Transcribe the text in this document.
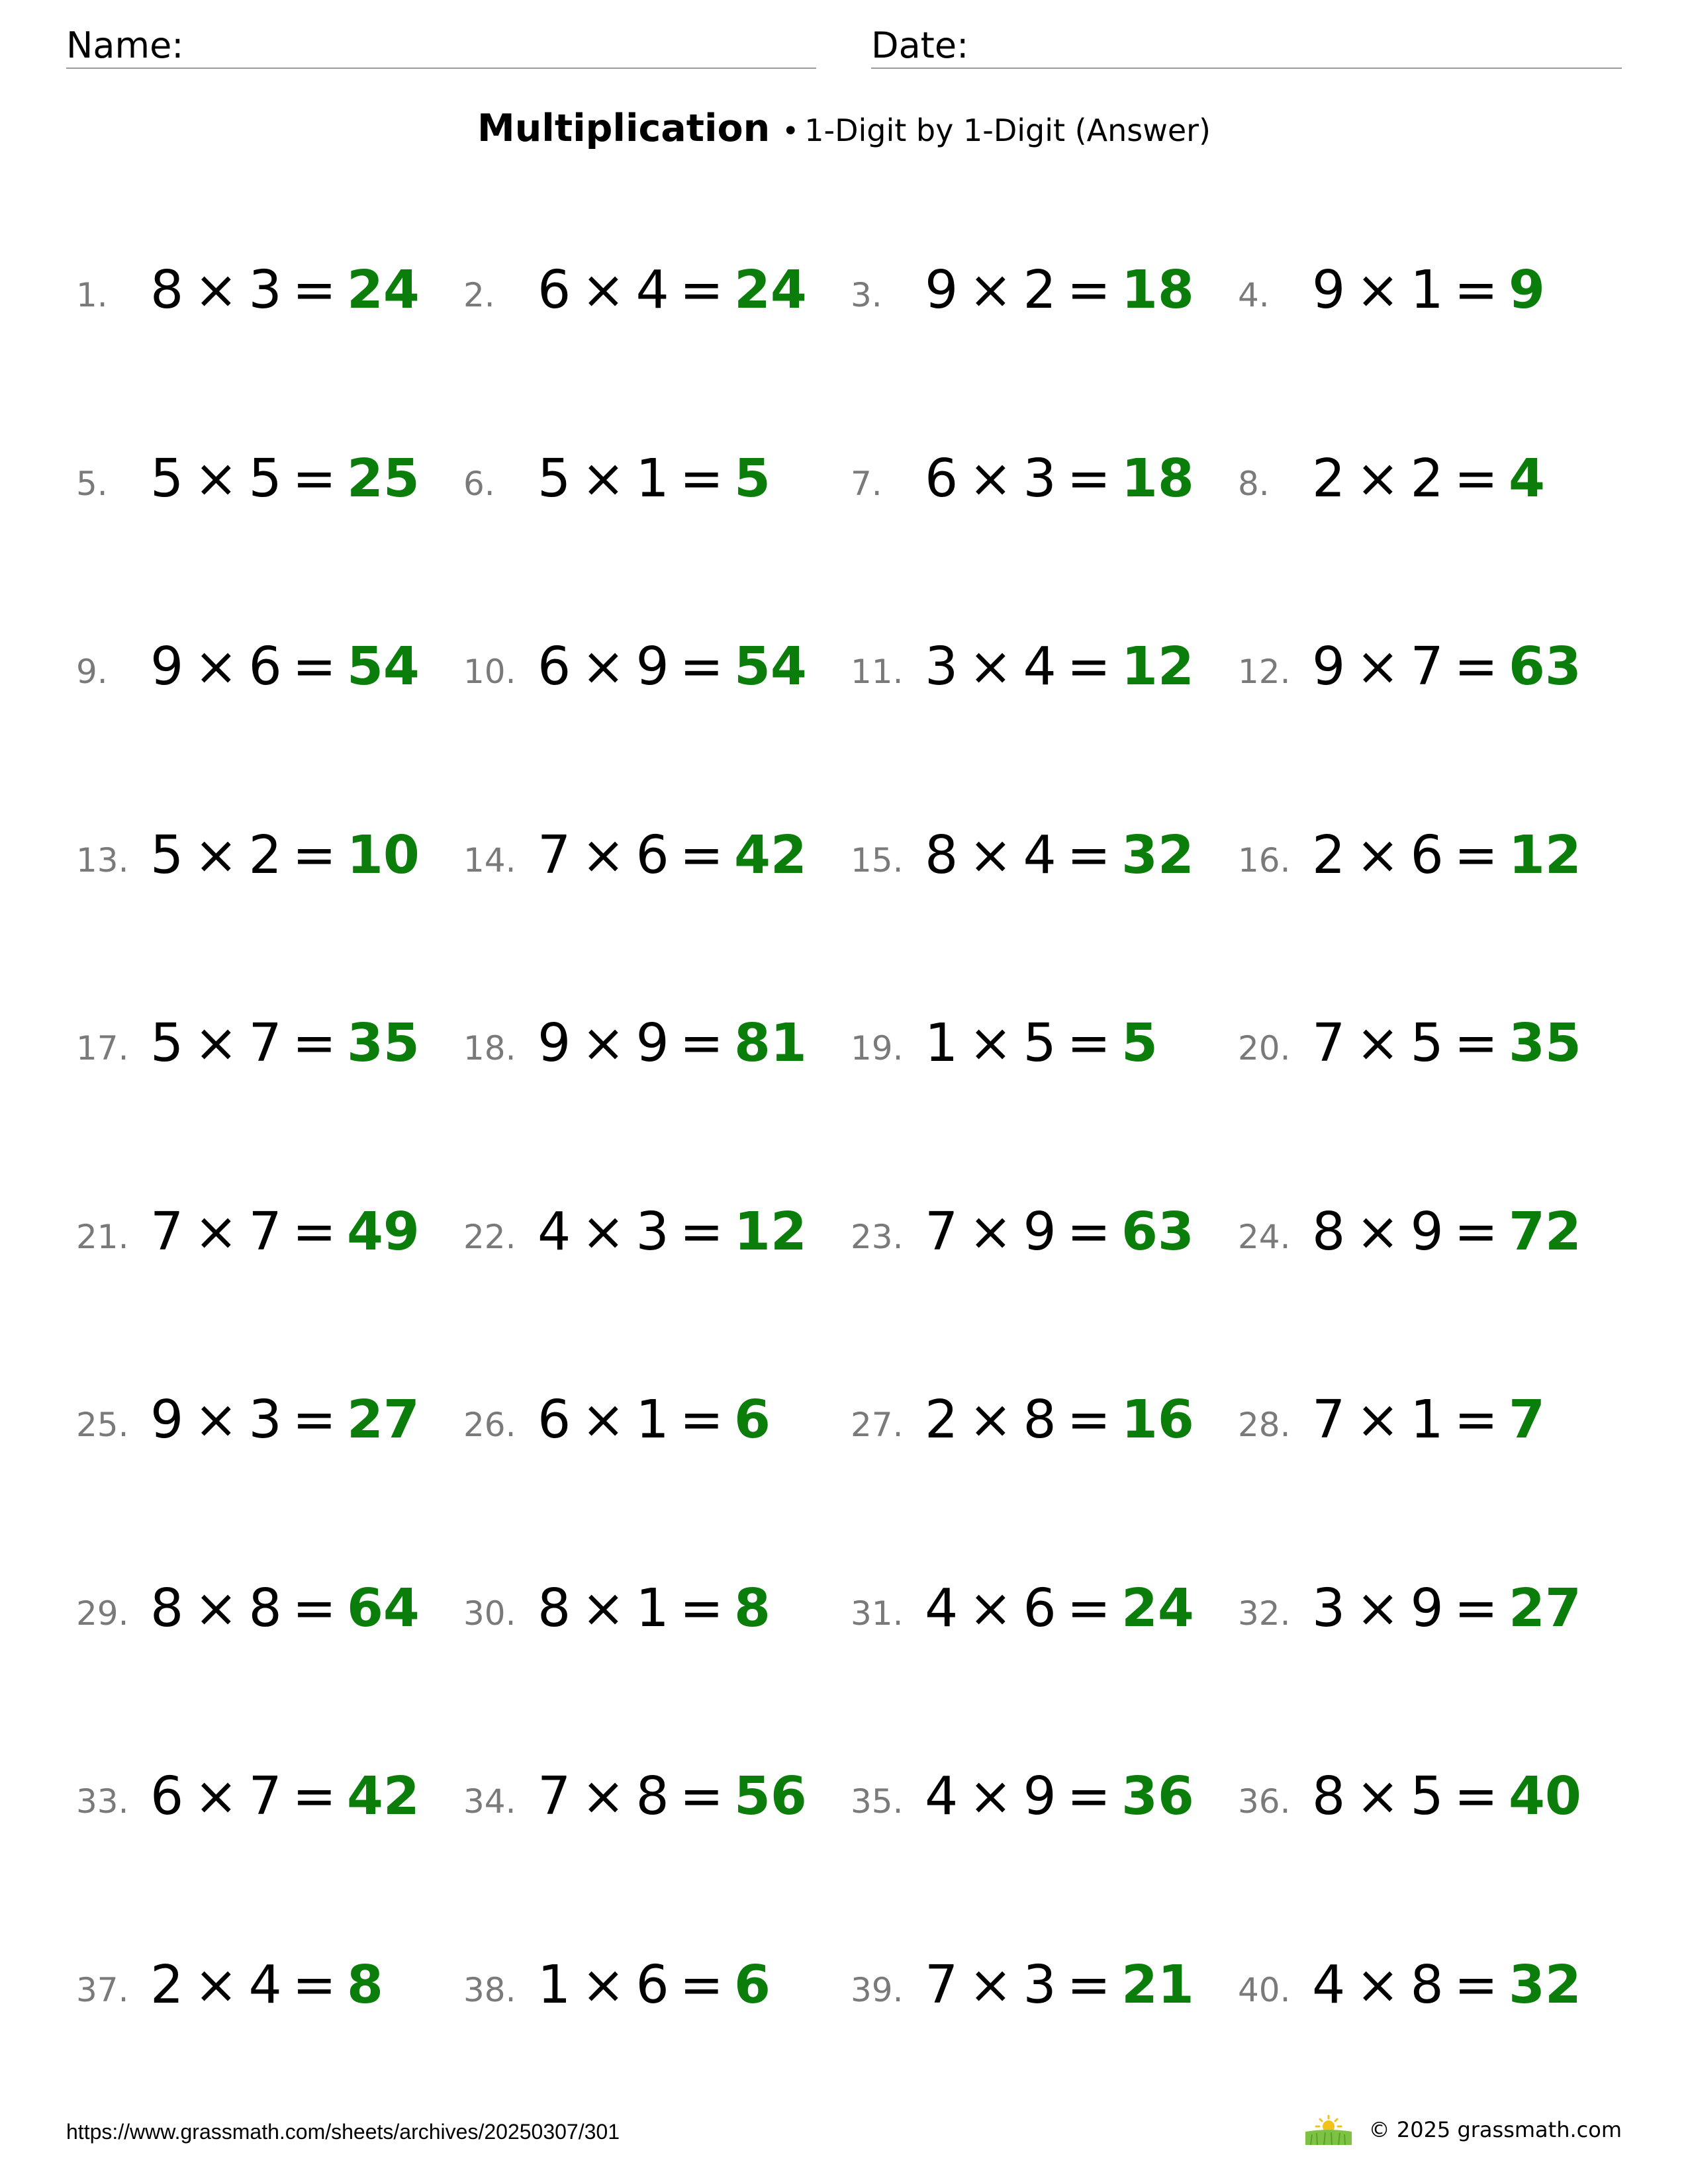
Name:	Date:
Multiplication • 1-Digit by 1-Digit (Answer)
1. 8 × 3 = 24 2. 6 × 4 = 24 3. 9 × 2 = 18 4. 9 × 1 = 9
5. 5 × 5 = 25 6. 5 × 1 = 5 7. 6 × 3 = 18 8. 2 × 2 = 4
9. 9 × 6 = 54 10. 6 × 9 = 54 11. 3 × 4 = 12 12. 9 × 7 = 63
13. 5 × 2 = 10 14. 7 × 6 = 42 15. 8 × 4 = 32 16. 2 × 6 = 12
17. 5 × 7 = 35 18. 9 × 9 = 81 19. 1 × 5 = 5 20. 7 × 5 = 35
21. 7 × 7 = 49 22. 4 × 3 = 12 23. 7 × 9 = 63 24. 8 × 9 = 72
25. 9 × 3 = 27 26. 6 × 1 = 6 27. 2 × 8 = 16 28. 7 × 1 = 7
29. 8 × 8 = 64 30. 8 × 1 = 8 31. 4 × 6 = 24 32. 3 × 9 = 27
33. 6 × 7 = 42 34. 7 × 8 = 56 35. 4 × 9 = 36 36. 8 × 5 = 40
37. 2 × 4 = 8 38. 1 × 6 = 6 39. 7 × 3 = 21 40. 4 × 8 = 32
https://www.grassmath.com/sheets/archives/20250307/301	© 2025 grassmath.com
